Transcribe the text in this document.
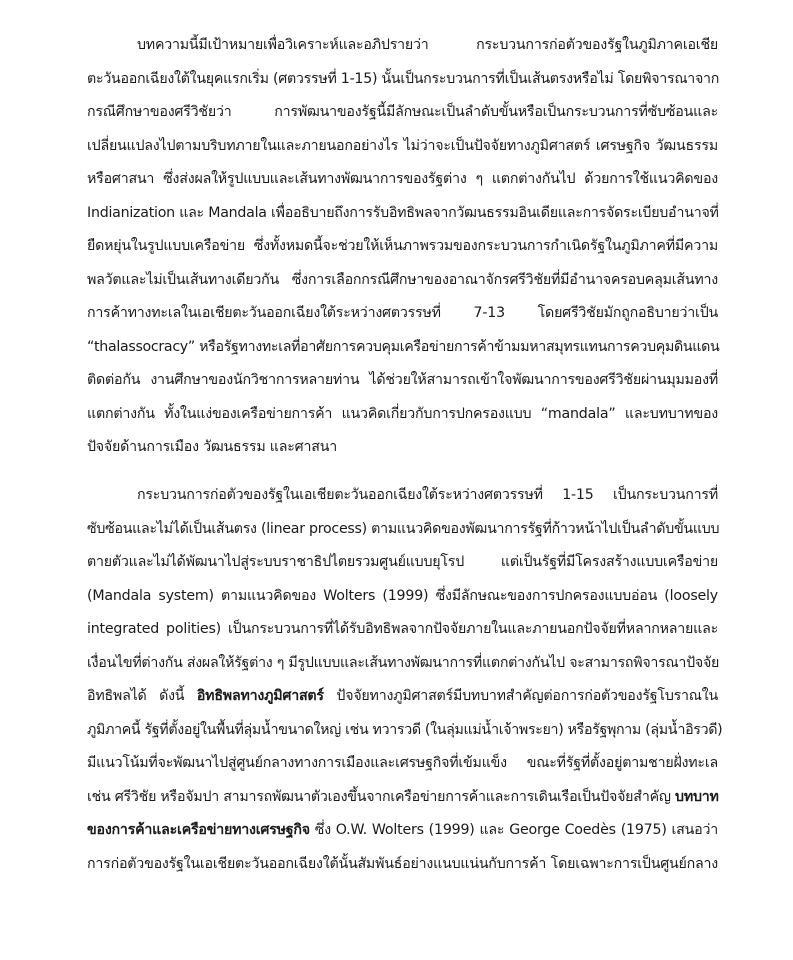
บทความนี้มีเป้าหมายเพื่อวิเคราะห์และอภิปรายว่า กระบวนการก่อตัวของรัฐในภูมิภาคเอเชีย
ตะวันออกเฉียงใต้ในยุคแรกเริ่ม (ศตวรรษที่ 1-15) นั้นเป็นกระบวนการที่เป็นเส้นตรงหรือไม่ โดยพิจารณาจาก
กรณีศึกษาของศรีวิชัยว่า การพัฒนาของรัฐนี้มีลักษณะเป็นลำดับขั้นหรือเป็นกระบวนการที่ซับซ้อนและ
เปลี่ยนแปลงไปตามบริบทภายในและภายนอกอย่างไร ไม่ว่าจะเป็นปัจจัยทางภูมิศาสตร์ เศรษฐกิจ วัฒนธรรม
หรือศาสนา ซึ่งส่งผลให้รูปแบบและเส้นทางพัฒนาการของรัฐต่าง ๆ แตกต่างกันไป ด้วยการใช้แนวคิดของ
Indianization และ Mandala เพื่ออธิบายถึงการรับอิทธิพลจากวัฒนธรรมอินเดียและการจัดระเบียบอำนาจที่
ยืดหยุ่นในรูปแบบเครือข่าย ซึ่งทั้งหมดนี้จะช่วยให้เห็นภาพรวมของกระบวนการกำเนิดรัฐในภูมิภาคที่มีความ
พลวัตและไม่เป็นเส้นทางเดียวกัน ซึ่งการเลือกกรณีศึกษาของอาณาจักรศรีวิชัยที่มีอำนาจครอบคลุมเส้นทาง
การค้าทางทะเลในเอเชียตะวันออกเฉียงใต้ระหว่างศตวรรษที่ 7-13 โดยศรีวิชัยมักถูกอธิบายว่าเป็น
“thalassocracy” หรือรัฐทางทะเลที่อาศัยการควบคุมเครือข่ายการค้าข้ามมหาสมุทรแทนการควบคุมดินแดน
ติดต่อกัน งานศึกษาของนักวิชาการหลายท่าน ได้ช่วยให้สามารถเข้าใจพัฒนาการของศรีวิชัยผ่านมุมมองที่
แตกต่างกัน ทั้งในแง่ของเครือข่ายการค้า แนวคิดเกี่ยวกับการปกครองแบบ “mandala” และบทบาทของ
ปัจจัยด้านการเมือง วัฒนธรรม และศาสนา
กระบวนการก่อตัวของรัฐในเอเชียตะวันออกเฉียงใต้ระหว่างศตวรรษที่ 1-15 เป็นกระบวนการที่
ซับซ้อนและไม่ได้เป็นเส้นตรง (linear process) ตามแนวคิดของพัฒนาการรัฐที่ก้าวหน้าไปเป็นลำดับขั้นแบบ
ตายตัวและไม่ได้พัฒนาไปสู่ระบบราชาธิปไตยรวมศูนย์แบบยุโรป แต่เป็นรัฐที่มีโครงสร้างแบบเครือข่าย
(Mandala system) ตามแนวคิดของ Wolters (1999) ซึ่งมีลักษณะของการปกครองแบบอ่อน (loosely
integrated polities) เป็นกระบวนการที่ได้รับอิทธิพลจากปัจจัยภายในและภายนอกปัจจัยที่หลากหลายและ
เงื่อนไขที่ต่างกัน ส่งผลให้รัฐต่าง ๆ มีรูปแบบและเส้นทางพัฒนาการที่แตกต่างกันไป จะสามารถพิจารณาปัจจัย
อิทธิพลได้ ดังนี้ อิทธิพลทางภูมิศาสตร์ ปัจจัยทางภูมิศาสตร์มีบทบาทสำคัญต่อการก่อตัวของรัฐโบราณใน
ภูมิภาคนี้ รัฐที่ตั้งอยู่ในพื้นที่ลุ่มน้ำขนาดใหญ่ เช่น ทวารวดี (ในลุ่มแม่น้ำเจ้าพระยา) หรือรัฐพุกาม (ลุ่มน้ำอิรวดี)
มีแนวโน้มที่จะพัฒนาไปสู่ศูนย์กลางทางการเมืองและเศรษฐกิจที่เข้มแข็ง ขณะที่รัฐที่ตั้งอยู่ตามชายฝั่งทะเล
เช่น ศรีวิชัย หรือจัมปา สามารถพัฒนาตัวเองขึ้นจากเครือข่ายการค้าและการเดินเรือเป็นปัจจัยสำคัญ บทบาท
ของการค้าและเครือข่ายทางเศรษฐกิจ ซึ่ง O.W. Wolters (1999) และ George Coedès (1975) เสนอว่า
การก่อตัวของรัฐในเอเชียตะวันออกเฉียงใต้นั้นสัมพันธ์อย่างแนบแน่นกับการค้า โดยเฉพาะการเป็นศูนย์กลาง
